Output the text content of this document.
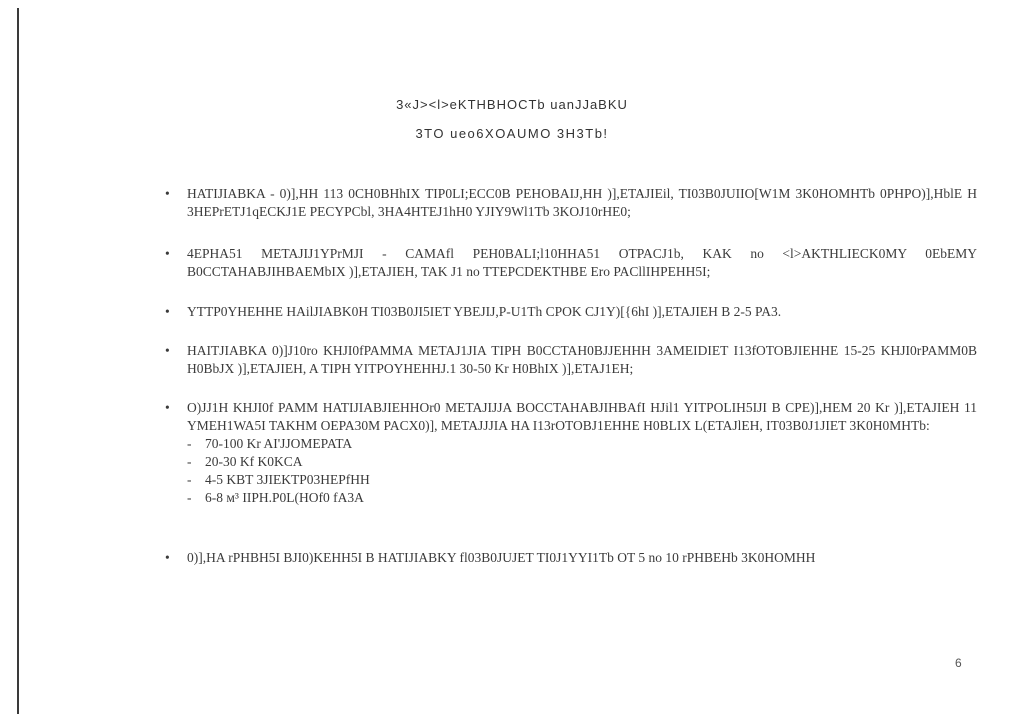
3«J><l>eKTHBHOCTb uanJJaBKU
3TO ueo6XOAUMO 3H3Tb!
• HATIJIABKA - 0)],HH 113 0CH0BHhIX TIP0LI;ECC0B PEHOBAIJ,HH )],ETAJIEil, TI03B0JUIIO[W1M 3K0HOMHTb 0PHPO)],HblE H 3HEPrETJ1qECKJ1E PECYPCbl, 3HA4HTEJ1hH0 YJIY9Wl1Tb 3KOJ10rHE0;

• 4EPHA51 METAJIJ1YPrMJI - CAMAfl PEH0BALI;l10HHA51 OTPACJ1b, KAK no <l>AKTHLIECK0MY 0EbEMY B0CCTAHABJIHBAEMbIX )],ETAJIEH, TAK J1 no TTEPCDEKTHBE Ero PACllIHPEHH5I;

• YTTP0YHEHHE HAilJIABK0H TI03B0JI5IET YBEJIJ,P-U1Th CPOK CJ1Y)[{6hI )],ETAJIEH B 2-5 PA3.

• HAITJIABKA 0)]J10ro KHJI0fPAMMA METAJ1JIA TIPH B0CCTAH0BJJEHHH 3AMEIDIET I13fOTOBJIEHHE 15-25 KHJI0rPAMM0B H0BbJX )],ETAJIEH, A TIPH YITPOYHEHHJ.1 30-50 Kr H0BhIX )],ETAJ1EH;

• O)JJ1H KHJI0f PAMM HATIJIABJIEHHOr0 METAJIJJA BOCCTAHABJIHBAfI HJil1 YITPOLIH5IJI B CPE)],HEM 20 Kr )],ETAJIEH 11 YMEH1WA5I TAKHM OEPA30M PACX0)], METAJJJIA HA I13rOTOBJ1EHHE H0BLIX L(ETAJlEH, IT03B0J1JIET 3K0H0MHTb:

- 70-100 Kr AI'JJOMEPATA
- 20-30 Kf K0KCA
- 4-5 KBT 3JIEKTP03HEPfHH
- 6-8 м³ IIPH.P0L(HOf0 fA3A
• 0)],HA rPHBH5I BJI0)KEHH5I B HATIJIABKY fl03B0JUJET TI0J1YYI1Tb OT 5 no 10 rPHBEHb 3K0HOMHH

6
